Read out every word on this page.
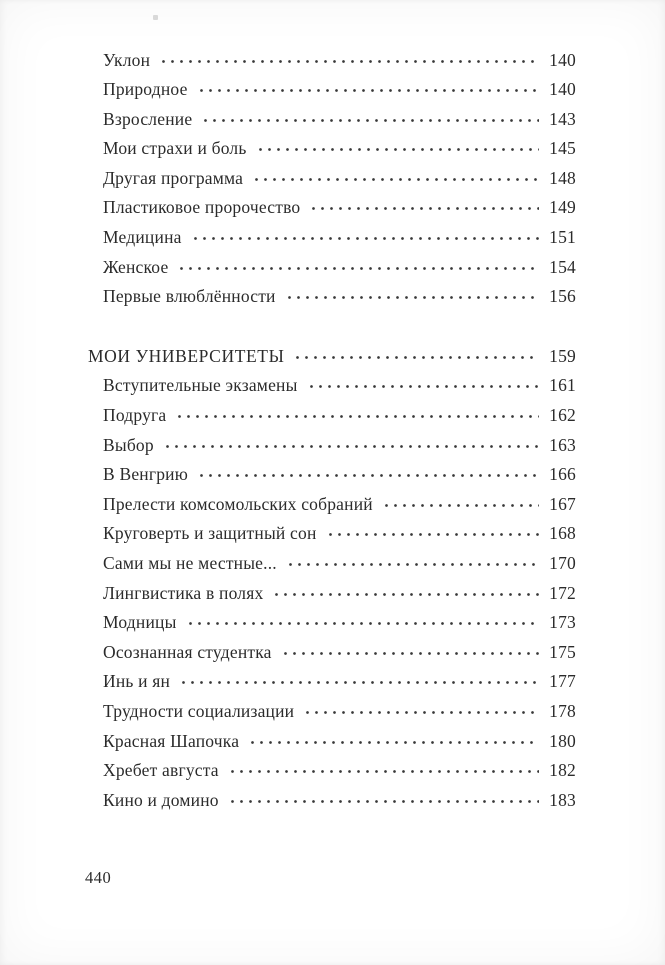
Уклон	140
Природное	140
Взросление	143
Мои страхи и боль	145
Другая программа	148
Пластиковое пророчество	149
Медицина	151
Женское	154
Первые влюблённости	156
МОИ УНИВЕРСИТЕТЫ	159
Вступительные экзамены	161
Подруга	162
Выбор	163
В Венгрию	166
Прелести комсомольских собраний	167
Круговерть и защитный сон	168
Сами мы не местные...	170
Лингвистика в полях	172
Модницы	173
Осознанная студентка	175
Инь и ян	177
Трудности социализации	178
Красная Шапочка	180
Хребет августа	182
Кино и домино	183
440
